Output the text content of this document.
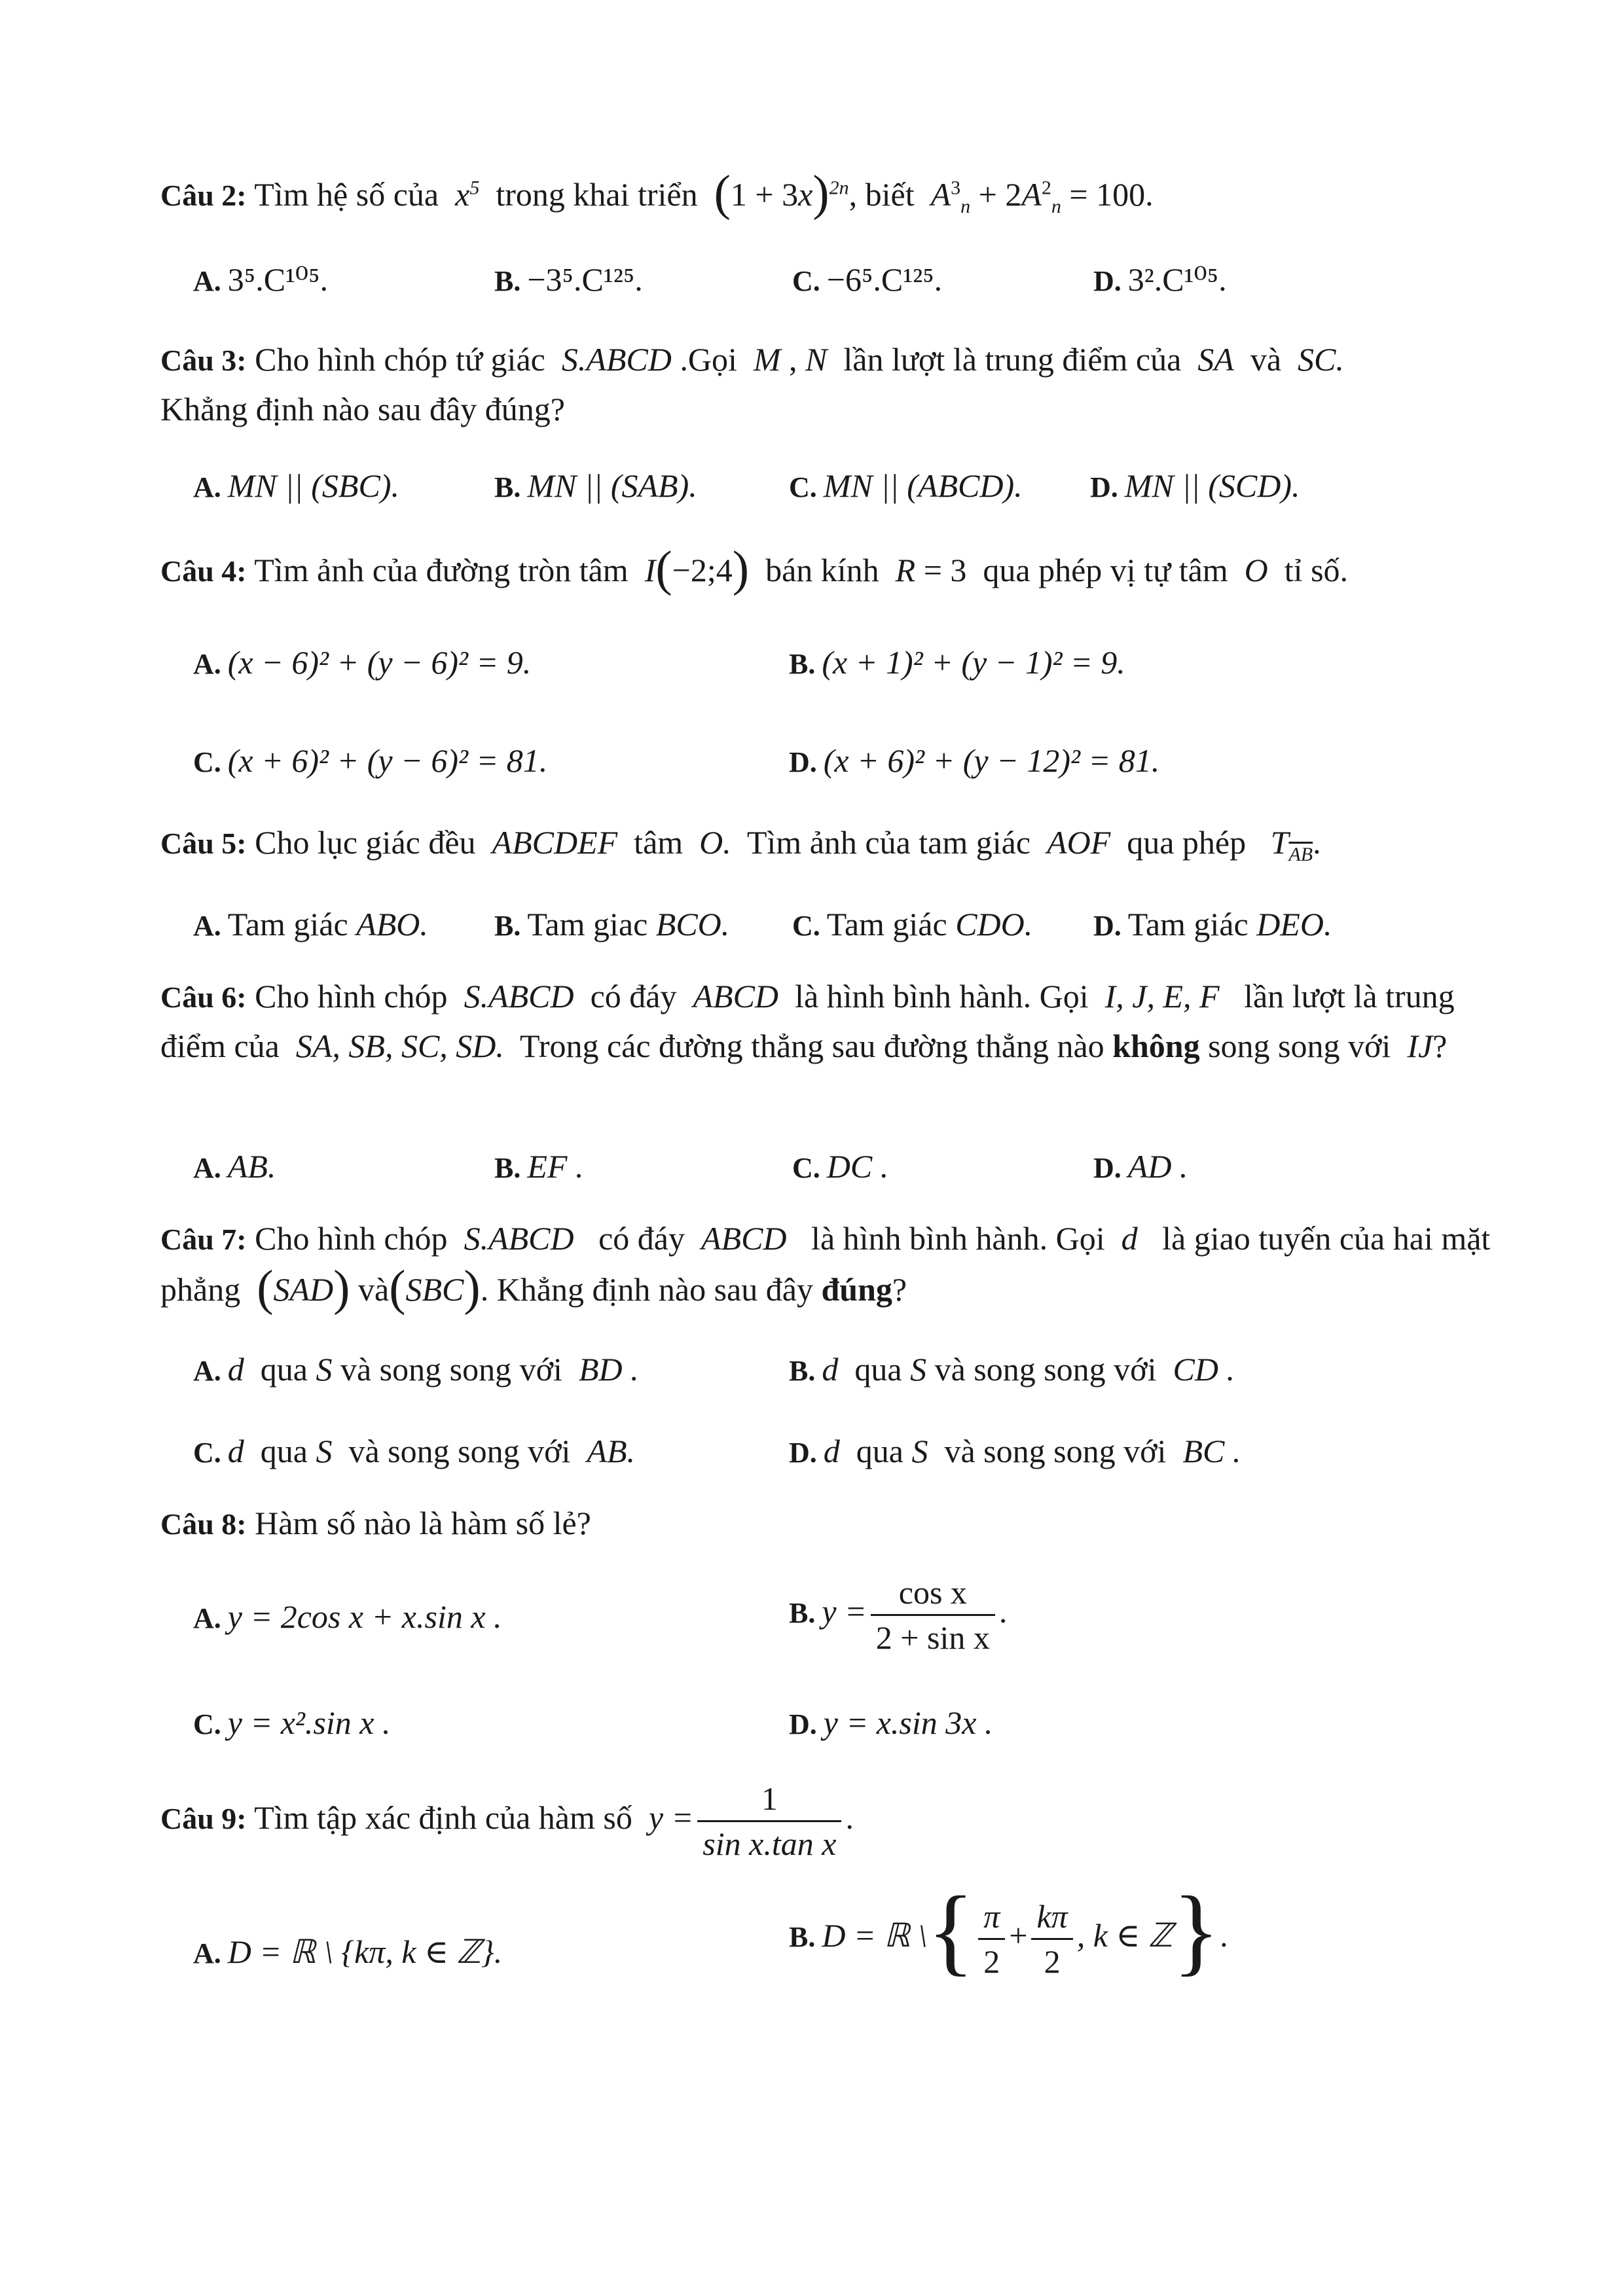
Câu 2: Tìm hệ số của  $x^5$ trong khai triển $(1 + 3x)^{2n}$, biết $A^3_n + 2A^2_n = 100$.
A. 3⁵.C¹⁰⁵.	B. −3⁵.C¹²⁵.	C. −6⁵.C¹²⁵.	D. 3².C¹⁰⁵.
Câu 3: Cho hình chóp tứ giác  S.ABCD .Gọi  M , N  lần lượt là trung điểm của  SA  và  SC.
Khẳng định nào sau đây đúng?
A. MN || (SBC).	B. MN || (SAB).	C. MN || (ABCD). D. MN || (SCD).
Câu 4: Tìm ảnh của đường tròn tâm I(−2;4) bán kính R = 3  qua phép vị tự tâm  O  tỉ số.
A. (x − 6)² + (y − 6)² = 9.	B. (x + 1)² + (y − 1)² = 9.
C. (x + 6)² + (y − 6)² = 81.	D. (x + 6)² + (y − 12)² = 81.
Câu 5: Cho lục giác đều  ABCDEF  tâm  O.  Tìm ảnh của tam giác  AOF  qua phép $T_{\overline{AB}}$.
A. Tam giác ABO. B. Tam giac BCO. C. Tam giác CDO. D. Tam giác DEO.
Câu 6: Cho hình chóp  S.ABCD  có đáy  ABCD  là hình bình hành. Gọi  I, J, E, F   lần lượt là trung điểm của  SA, SB, SC, SD.  Trong các đường thẳng sau đường thẳng nào không song song với  IJ?
A. AB.	B. EF .	C. DC .	D. AD .
Câu 7: Cho hình chóp  S.ABCD   có đáy  ABCD   là hình bình hành. Gọi  d   là giao tuyến của hai mặt phẳng (SAD) và(SBC). Khẳng định nào sau đây đúng?
A. d qua S và song song với BD .	B. d qua S và song song với CD .
C. d qua S và song song với AB.	D. d qua S và song song với BC .
Câu 8: Hàm số nào là hàm số lẻ?
A. y = 2cos x + x.sin x .	B. $y = \frac{\text{cos x}}{\text{2 + sin x}}$ .
C. y = x².sin x .	D. y = x.sin 3x .
Câu 9: Tìm tập xác định của hàm số $y = \frac{1}{\text{sin x.tan x}}$ .
A. D = ℝ \ {kπ, k ∈ ℤ}.	B. D = ℝ \{ $\frac{\pi}{2} + \frac{k\pi}{2}$ , k ∈ ℤ}.
